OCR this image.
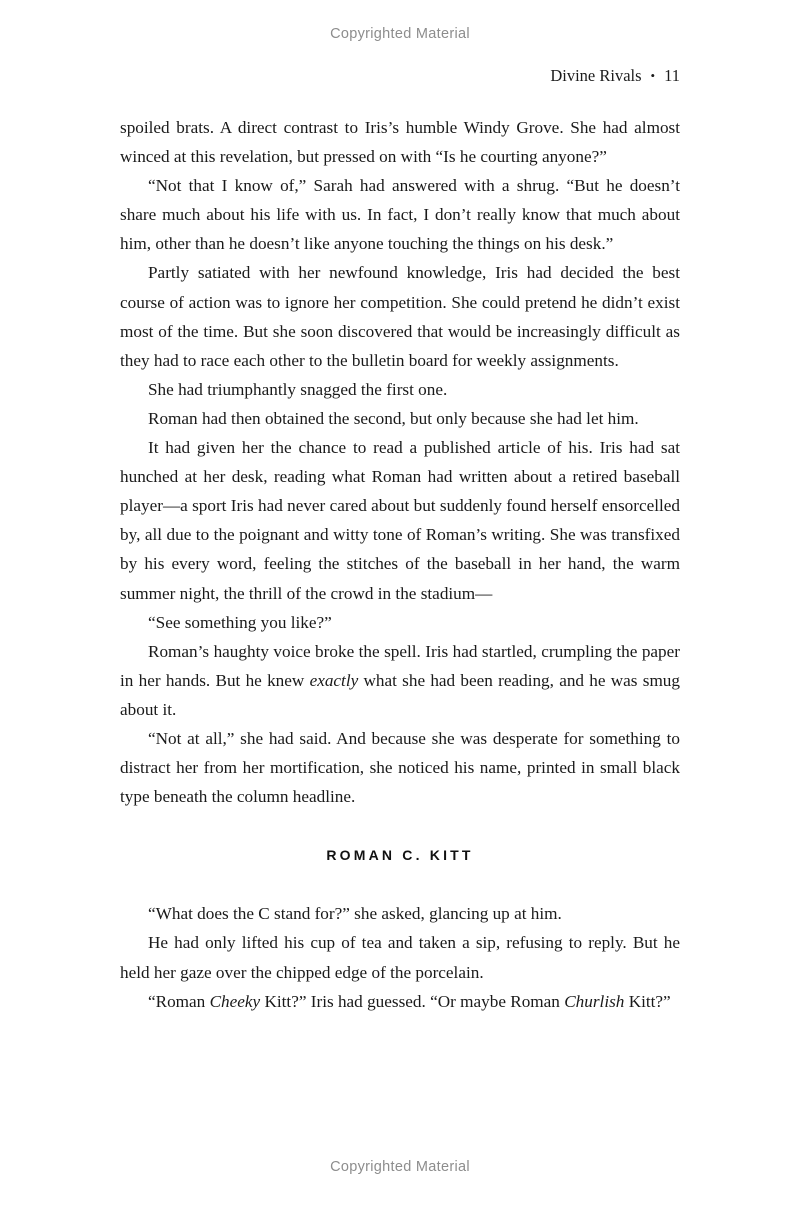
Copyrighted Material
Divine Rivals • 11

spoiled brats. A direct contrast to Iris’s humble Windy Grove. She had almost winced at this revelation, but pressed on with “Is he courting anyone?”

“Not that I know of,” Sarah had answered with a shrug. “But he doesn’t share much about his life with us. In fact, I don’t really know that much about him, other than he doesn’t like anyone touching the things on his desk.”

Partly satiated with her newfound knowledge, Iris had decided the best course of action was to ignore her competition. She could pretend he didn’t exist most of the time. But she soon discovered that would be increasingly difficult as they had to race each other to the bulletin board for weekly assignments.

She had triumphantly snagged the first one.

Roman had then obtained the second, but only because she had let him.

It had given her the chance to read a published article of his. Iris had sat hunched at her desk, reading what Roman had written about a retired baseball player—a sport Iris had never cared about but suddenly found herself ensorcelled by, all due to the poignant and witty tone of Roman’s writing. She was transfixed by his every word, feeling the stitches of the baseball in her hand, the warm summer night, the thrill of the crowd in the stadium—

“See something you like?”

Roman’s haughty voice broke the spell. Iris had startled, crumpling the paper in her hands. But he knew exactly what she had been reading, and he was smug about it.

“Not at all,” she had said. And because she was desperate for something to distract her from her mortification, she noticed his name, printed in small black type beneath the column headline.

ROMAN C. KITT

“What does the C stand for?” she asked, glancing up at him.

He had only lifted his cup of tea and taken a sip, refusing to reply. But he held her gaze over the chipped edge of the porcelain.

“Roman Cheeky Kitt?” Iris had guessed. “Or maybe Roman Churlish Kitt?”

Copyrighted Material
